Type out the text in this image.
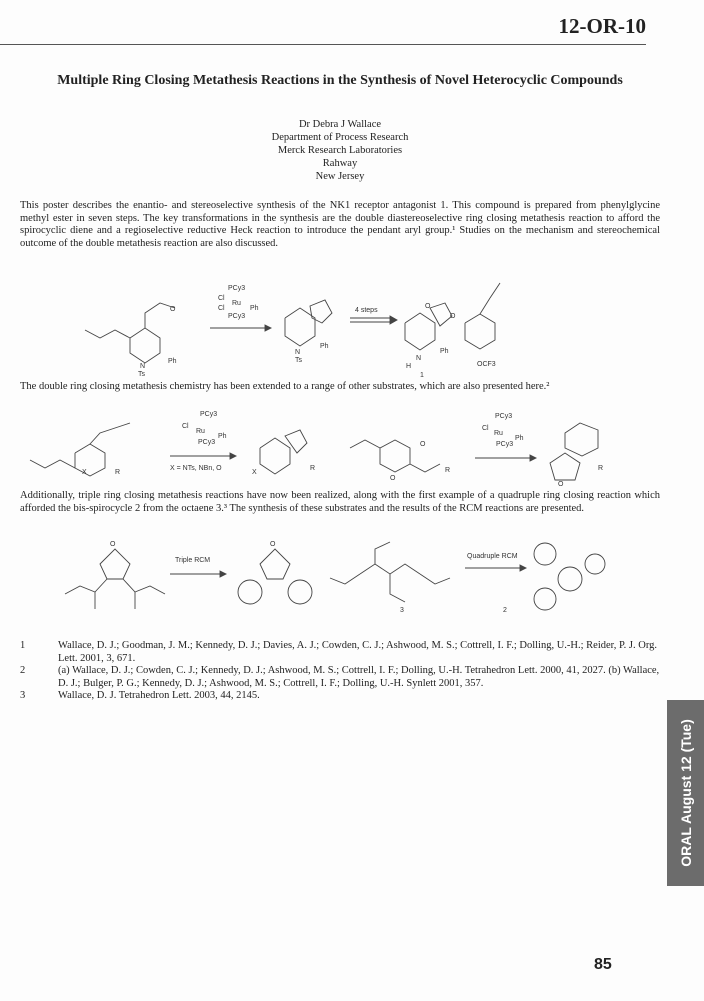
12-OR-10
Multiple Ring Closing Metathesis Reactions in the Synthesis of Novel Heterocyclic Compounds
Dr Debra J Wallace
Department of Process Research
Merck Research Laboratories
Rahway
New Jersey
This poster describes the enantio- and stereoselective synthesis of the NK1 receptor antagonist 1. This compound is prepared from phenylglycine methyl ester in seven steps. The key transformations in the synthesis are the double diastereoselective ring closing metathesis reaction to afford the spirocyclic diene and a regioselective reductive Heck reaction to introduce the pendant aryl group.¹ Studies on the mechanism and stereochemical outcome of the double metathesis reaction are also discussed.
N
Ts
Ph
O
PCy3
Cl
Ru
Ph
Cl
PCy3
N
Ts
Ph
4 steps
N
H
Ph
O
1
O
OCF3
The double ring closing metathesis chemistry has been extended to a range of other substrates, which are also presented here.²
X	R
PCy3
Cl
Ru
Ph
PCy3
X = NTs, NBn, O
X
R
O
O
R
PCy3
Cl
Ru
Ph
PCy3
O
R
Additionally, triple ring closing metathesis reactions have now been realized, along with the first example of a quadruple ring closing reaction which afforded the bis-spirocycle 2 from the octaene 3.³ The synthesis of these substrates and the results of the RCM reactions are presented.
O
Triple RCM
O
3
Quadruple RCM
2
1	Wallace, D. J.; Goodman, J. M.; Kennedy, D. J.; Davies, A. J.; Cowden, C. J.; Ashwood, M. S.; Cottrell, I. F.; Dolling, U.-H.; Reider, P. J. Org. Lett. 2001, 3, 671.
2	(a) Wallace, D. J.; Cowden, C. J.; Kennedy, D. J.; Ashwood, M. S.; Cottrell, I. F.; Dolling, U.-H. Tetrahedron Lett. 2000, 41, 2027. (b) Wallace, D. J.; Bulger, P. G.; Kennedy, D. J.; Ashwood, M. S.; Cottrell, I. F.; Dolling, U.-H. Synlett 2001, 357.
3	Wallace, D. J. Tetrahedron Lett. 2003, 44, 2145.
ORAL August 12 (Tue)
85
